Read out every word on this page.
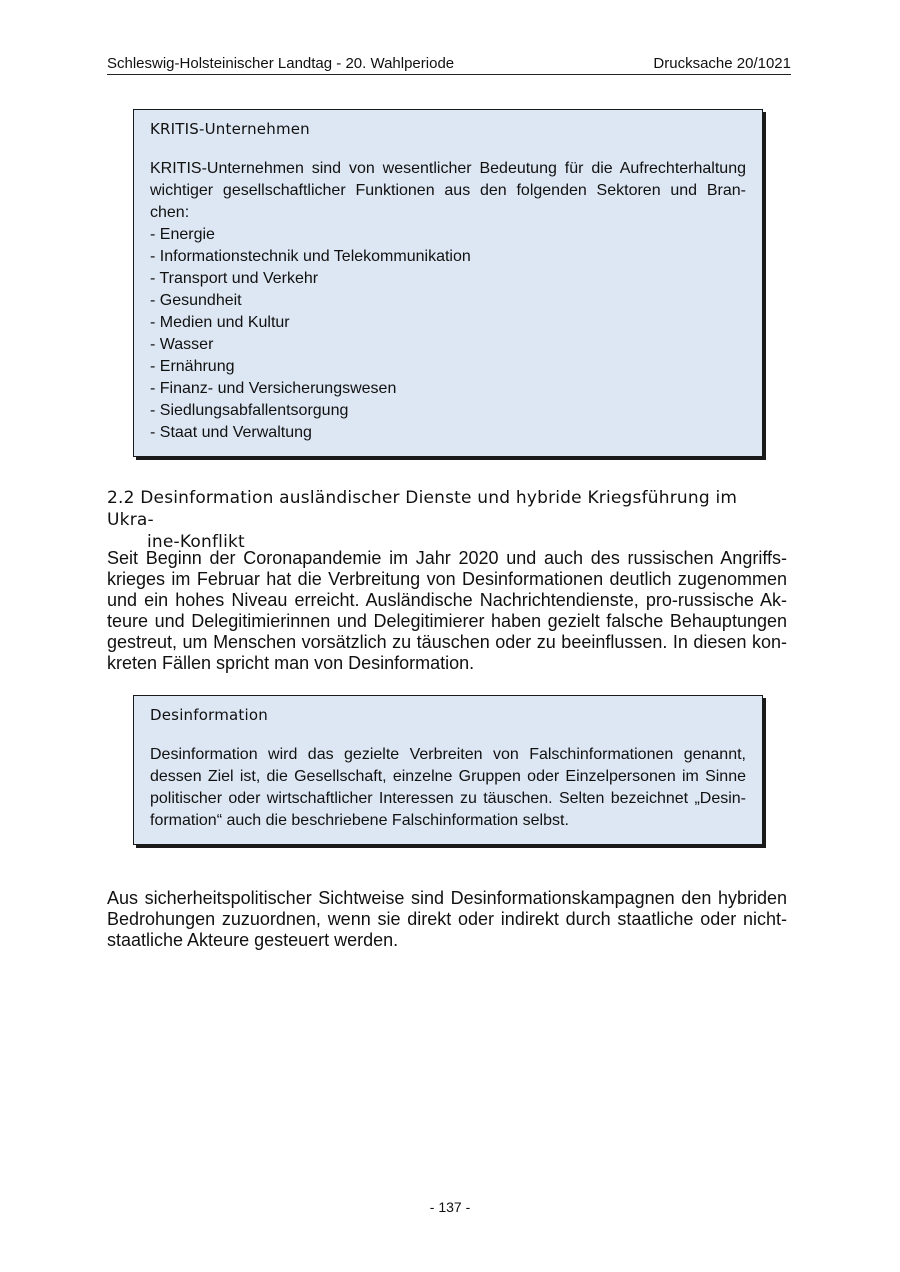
Schleswig-Holsteinischer Landtag - 20. Wahlperiode	Drucksache 20/1021
KRITIS-Unternehmen
KRITIS-Unternehmen sind von wesentlicher Bedeutung für die Aufrechterhaltung
wichtiger gesellschaftlicher Funktionen aus den folgenden Sektoren und Bran-
chen:
- Energie
- Informationstechnik und Telekommunikation
- Transport und Verkehr
- Gesundheit
- Medien und Kultur
- Wasser
- Ernährung
- Finanz- und Versicherungswesen
- Siedlungsabfallentsorgung
- Staat und Verwaltung
2.2 Desinformation ausländischer Dienste und hybride Kriegsführung im Ukra-
ine-Konflikt
Seit Beginn der Coronapandemie im Jahr 2020 und auch des russischen Angriffs-
krieges im Februar hat die Verbreitung von Desinformationen deutlich zugenommen
und ein hohes Niveau erreicht. Ausländische Nachrichtendienste, pro-russische Ak-
teure und Delegitimierinnen und Delegitimierer haben gezielt falsche Behauptungen
gestreut, um Menschen vorsätzlich zu täuschen oder zu beeinflussen. In diesen kon-
kreten Fällen spricht man von Desinformation.
Desinformation
Desinformation wird das gezielte Verbreiten von Falschinformationen genannt,
dessen Ziel ist, die Gesellschaft, einzelne Gruppen oder Einzelpersonen im Sinne
politischer oder wirtschaftlicher Interessen zu täuschen. Selten bezeichnet „Desin-
formation“ auch die beschriebene Falschinformation selbst.
Aus sicherheitspolitischer Sichtweise sind Desinformationskampagnen den hybriden
Bedrohungen zuzuordnen, wenn sie direkt oder indirekt durch staatliche oder nicht-
staatliche Akteure gesteuert werden.
- 137 -
